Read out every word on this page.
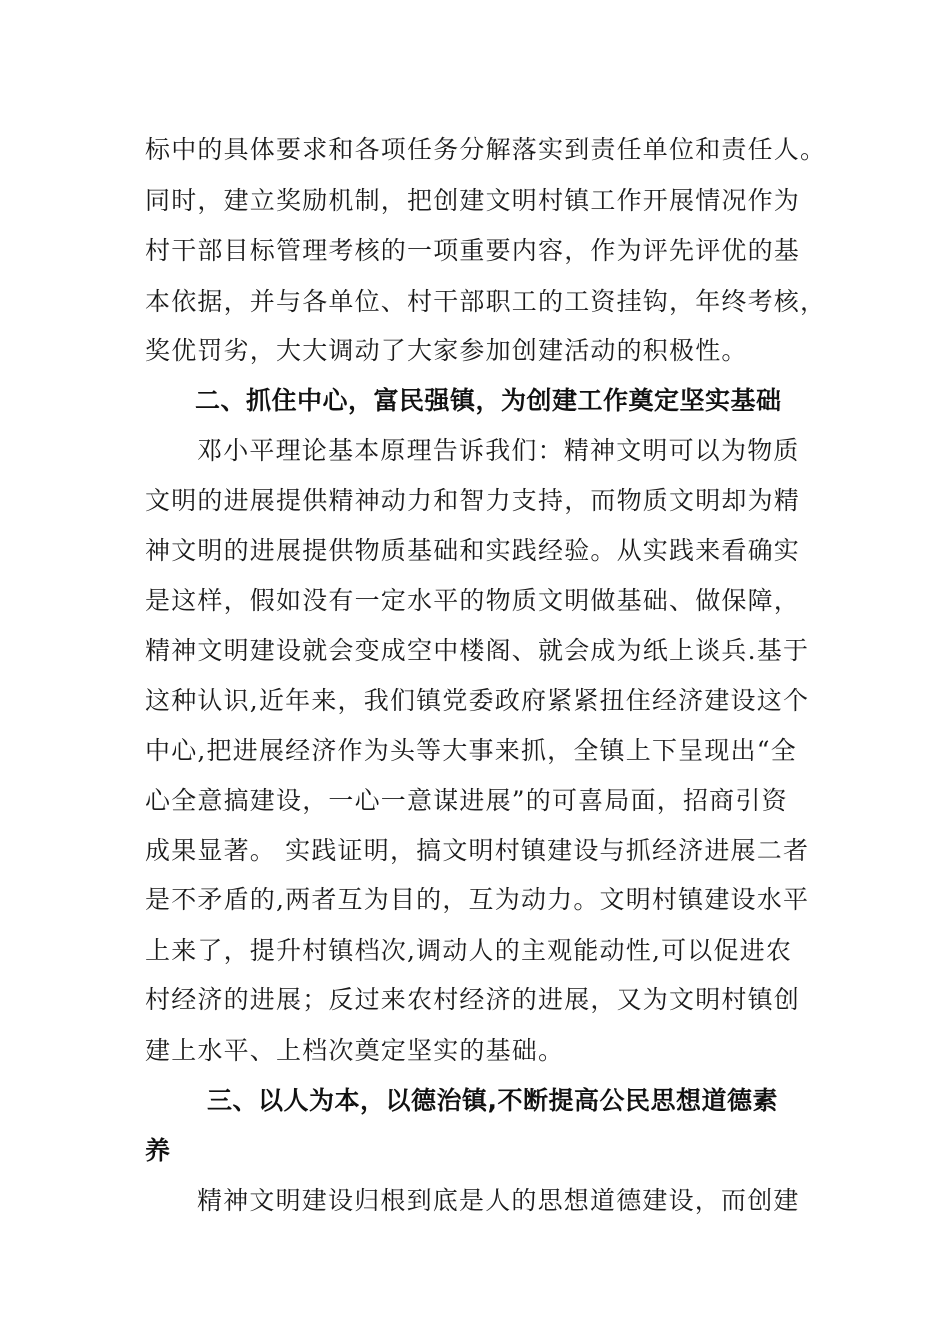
标中的具体要求和各项任务分解落实到责任单位和责任人。
同时，建立奖励机制，把创建文明村镇工作开展情况作为
村干部目标管理考核的一项重要内容，作为评先评优的基
本依据，并与各单位、村干部职工的工资挂钩，年终考核，
奖优罚劣，大大调动了大家参加创建活动的积极性。
二、抓住中心，富民强镇，为创建工作奠定坚实基础
邓小平理论基本原理告诉我们：精神文明可以为物质
文明的进展提供精神动力和智力支持，而物质文明却为精
神文明的进展提供物质基础和实践经验。从实践来看确实
是这样，假如没有一定水平的物质文明做基础、做保障，
精神文明建设就会变成空中楼阁、就会成为纸上谈兵.基于
这种认识,近年来，我们镇党委政府紧紧扭住经济建设这个
中心,把进展经济作为头等大事来抓，全镇上下呈现出“全
心全意搞建设，一心一意谋进展”的可喜局面，招商引资
成果显著。 实践证明，搞文明村镇建设与抓经济进展二者
是不矛盾的,两者互为目的，互为动力。文明村镇建设水平
上来了，提升村镇档次,调动人的主观能动性,可以促进农
村经济的进展；反过来农村经济的进展，又为文明村镇创
建上水平、上档次奠定坚实的基础。
三、以人为本，以德治镇,不断提高公民思想道德素
养
精神文明建设归根到底是人的思想道德建设，而创建
